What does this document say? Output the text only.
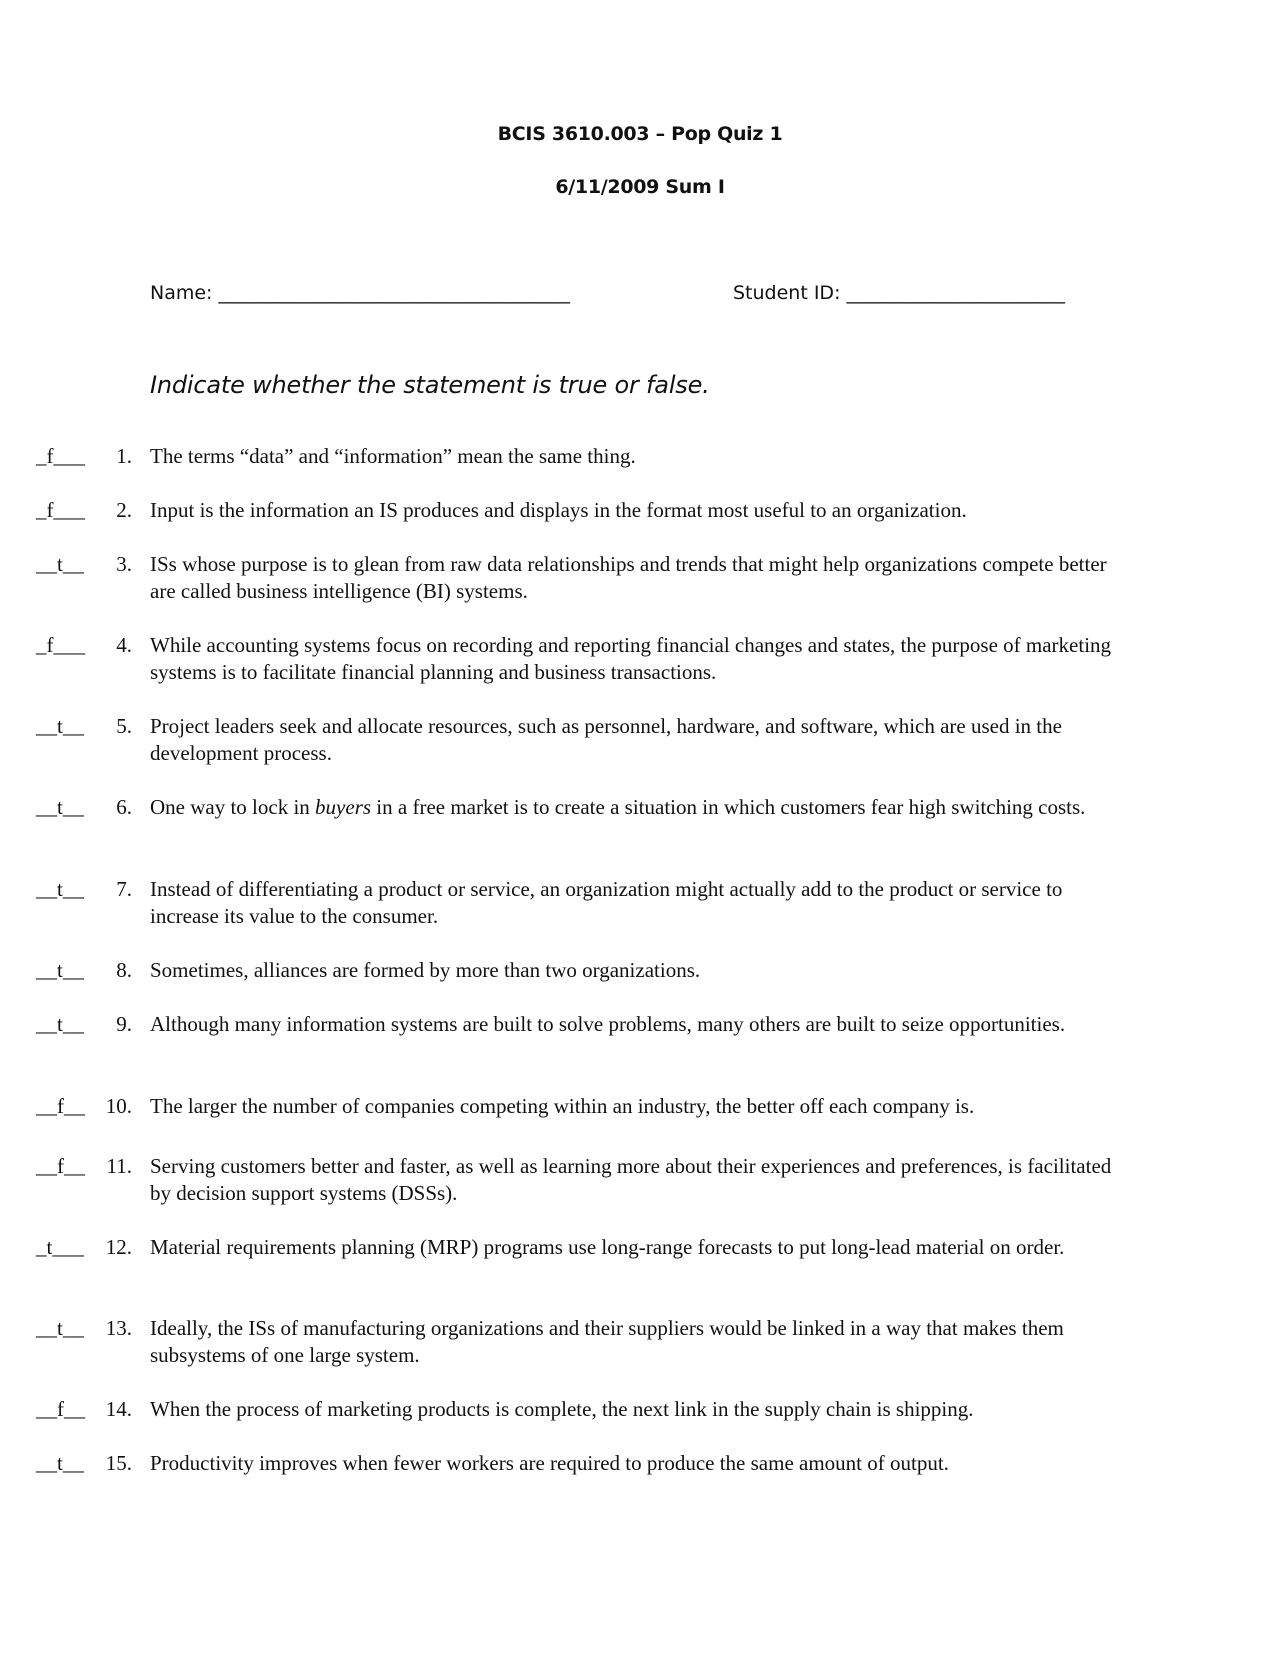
BCIS 3610.003 – Pop Quiz 1
6/11/2009 Sum I
Name: _____________________________________	Student ID: _______________________
Indicate whether the statement is true or false.
_f___	1. The terms “data” and “information” mean the same thing.
_f___	2. Input is the information an IS produces and displays in the format most useful to an organization.
__t__	3. ISs whose purpose is to glean from raw data relationships and trends that might help organizations compete better are called business intelligence (BI) systems.
_f___	4. While accounting systems focus on recording and reporting financial changes and states, the purpose of marketing systems is to facilitate financial planning and business transactions.
__t__	5. Project leaders seek and allocate resources, such as personnel, hardware, and software, which are used in the development process.
__t__	6. One way to lock in buyers in a free market is to create a situation in which customers fear high switching costs.
__t__	7. Instead of differentiating a product or service, an organization might actually add to the product or service to increase its value to the consumer.
__t__	8. Sometimes, alliances are formed by more than two organizations.
__t__	9. Although many information systems are built to solve problems, many others are built to seize opportunities.
__f__ 10. The larger the number of companies competing within an industry, the better off each company is.
__f__	11. Serving customers better and faster, as well as learning more about their experiences and preferences, is facilitated by decision support systems (DSSs).
_t___	12. Material requirements planning (MRP) programs use long-range forecasts to put long-lead material on order.
__t__	13. Ideally, the ISs of manufacturing organizations and their suppliers would be linked in a way that makes them subsystems of one large system.
__f__ 14. When the process of marketing products is complete, the next link in the supply chain is shipping.
__t__	15. Productivity improves when fewer workers are required to produce the same amount of output.
